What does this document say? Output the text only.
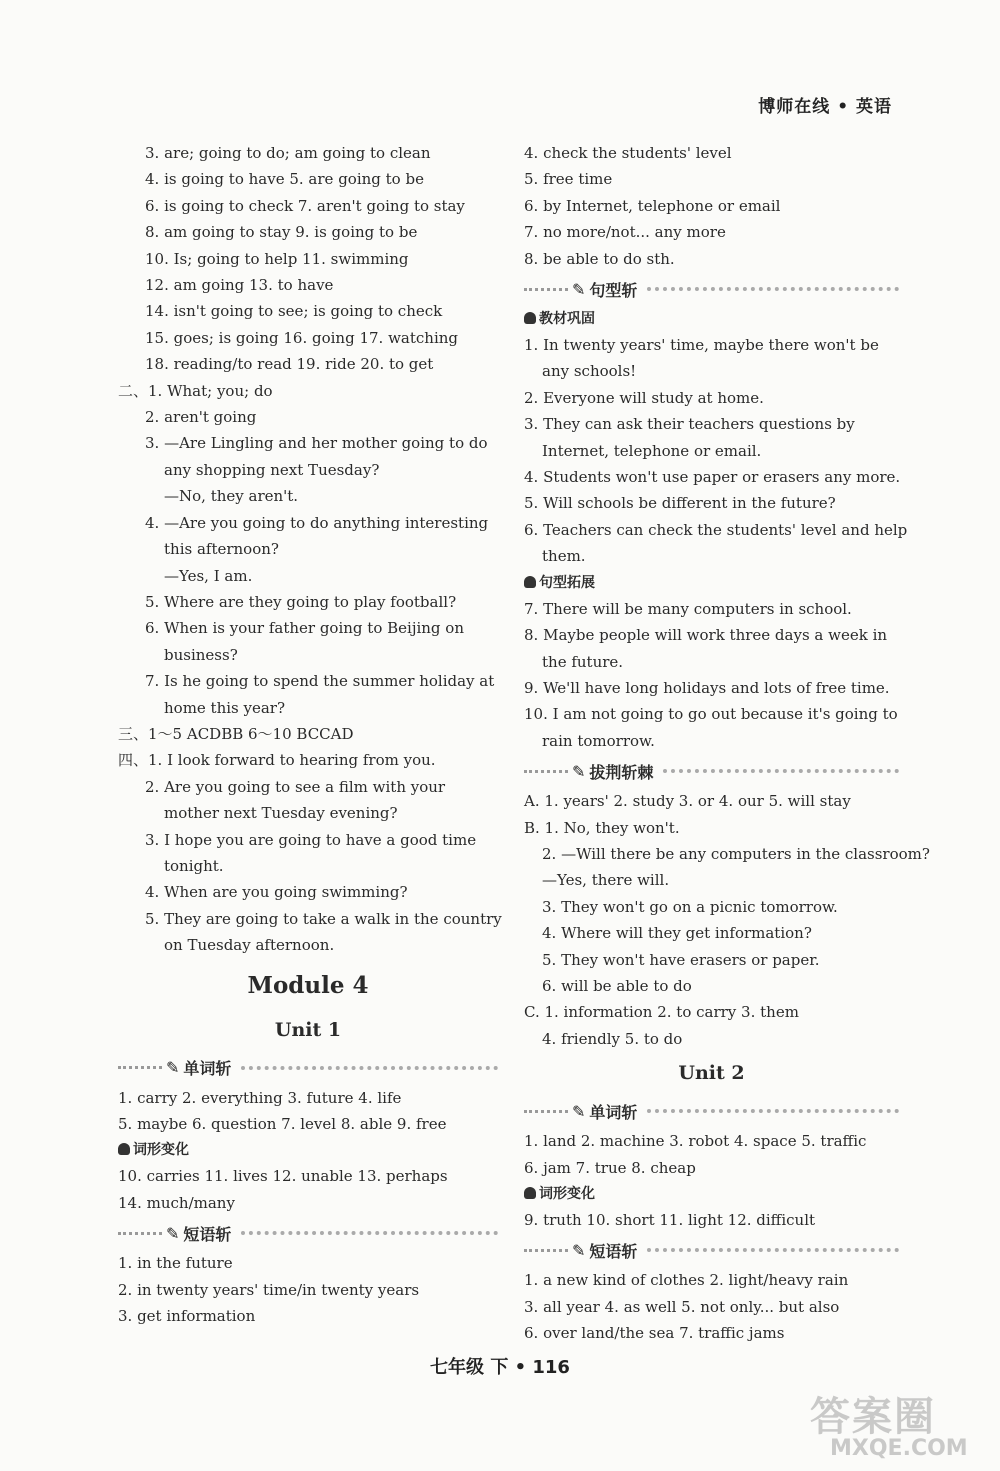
博师在线 • 英语
3. are; going to do; am going to clean
4. is going to have 5. are going to be
6. is going to check 7. aren't going to stay
8. am going to stay 9. is going to be
10. Is; going to help 11. swimming
12. am going 13. to have
14. isn't going to see; is going to check
15. goes; is going 16. going 17. watching
18. reading/to read 19. ride 20. to get
二、1. What; you; do
2. aren't going
3. —Are Lingling and her mother going to do
any shopping next Tuesday?
—No, they aren't.
4. —Are you going to do anything interesting
this afternoon?
—Yes, I am.
5. Where are they going to play football?
6. When is your father going to Beijing on
business?
7. Is he going to spend the summer holiday at
home this year?
三、1～5 ACDBB 6～10 BCCAD
四、1. I look forward to hearing from you.
2. Are you going to see a film with your
mother next Tuesday evening?
3. I hope you are going to have a good time
tonight.
4. When are you going swimming?
5. They are going to take a walk in the country
on Tuesday afternoon.
Module 4
Unit 1
✎ 单词斩
1. carry 2. everything 3. future 4. life
5. maybe 6. question 7. level 8. able 9. free
词形变化
10. carries 11. lives 12. unable 13. perhaps
14. much/many
✎ 短语斩
1. in the future
2. in twenty years' time/in twenty years
3. get information
4. check the students' level
5. free time
6. by Internet, telephone or email
7. no more/not... any more
8. be able to do sth.
✎ 句型斩
教材巩固
1. In twenty years' time, maybe there won't be
any schools!
2. Everyone will study at home.
3. They can ask their teachers questions by
Internet, telephone or email.
4. Students won't use paper or erasers any more.
5. Will schools be different in the future?
6. Teachers can check the students' level and help
them.
句型拓展
7. There will be many computers in school.
8. Maybe people will work three days a week in
the future.
9. We'll have long holidays and lots of free time.
10. I am not going to go out because it's going to
rain tomorrow.
✎ 拔荆斩棘
A. 1. years' 2. study 3. or 4. our 5. will stay
B. 1. No, they won't.
2. —Will there be any computers in the classroom?
—Yes, there will.
3. They won't go on a picnic tomorrow.
4. Where will they get information?
5. They won't have erasers or paper.
6. will be able to do
C. 1. information 2. to carry 3. them
4. friendly 5. to do
Unit 2
✎ 单词斩
1. land 2. machine 3. robot 4. space 5. traffic
6. jam 7. true 8. cheap
词形变化
9. truth 10. short 11. light 12. difficult
✎ 短语斩
1. a new kind of clothes 2. light/heavy rain
3. all year 4. as well 5. not only... but also
6. over land/the sea 7. traffic jams
七年级 下 • 116
答案圈
MXQE.COM
